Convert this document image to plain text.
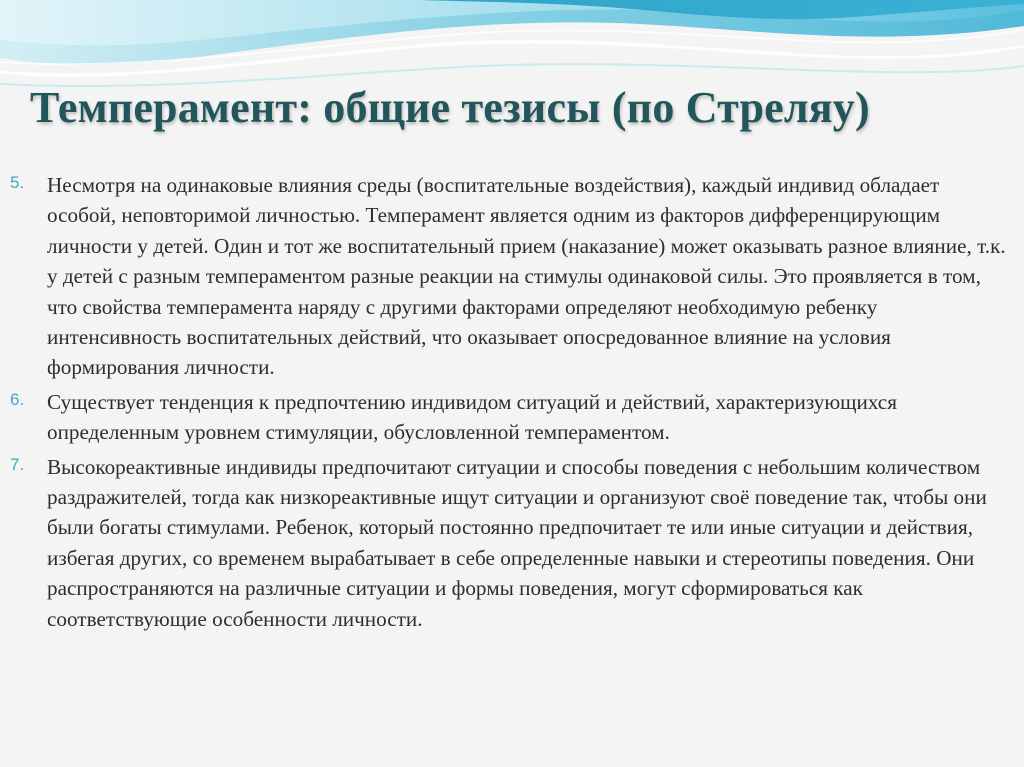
Темперамент: общие тезисы (по Стреляу)
5. Несмотря на одинаковые влияния среды (воспитательные воздействия), каждый индивид обладает особой, неповторимой личностью. Темперамент является одним из факторов дифференцирующим личности у детей. Один и тот же воспитательный прием (наказание) может оказывать разное влияние, т.к. у детей с разным темпераментом разные реакции на стимулы одинаковой силы. Это проявляется в том, что свойства темперамента наряду с другими факторами определяют необходимую ребенку интенсивность воспитательных действий, что оказывает опосредованное влияние на условия формирования личности.
6. Существует тенденция к предпочтению индивидом ситуаций и действий, характеризующихся определенным уровнем стимуляции, обусловленной темпераментом.
7. Высокореактивные индивиды предпочитают ситуации и способы поведения с небольшим количеством раздражителей, тогда как низкореактивные ищут ситуации и организуют своё поведение так, чтобы они были богаты стимулами. Ребенок, который постоянно предпочитает те или иные ситуации и действия, избегая других, со временем вырабатывает в себе определенные навыки и стереотипы поведения. Они распространяются на различные ситуации и формы поведения, могут сформироваться как соответствующие особенности личности.
